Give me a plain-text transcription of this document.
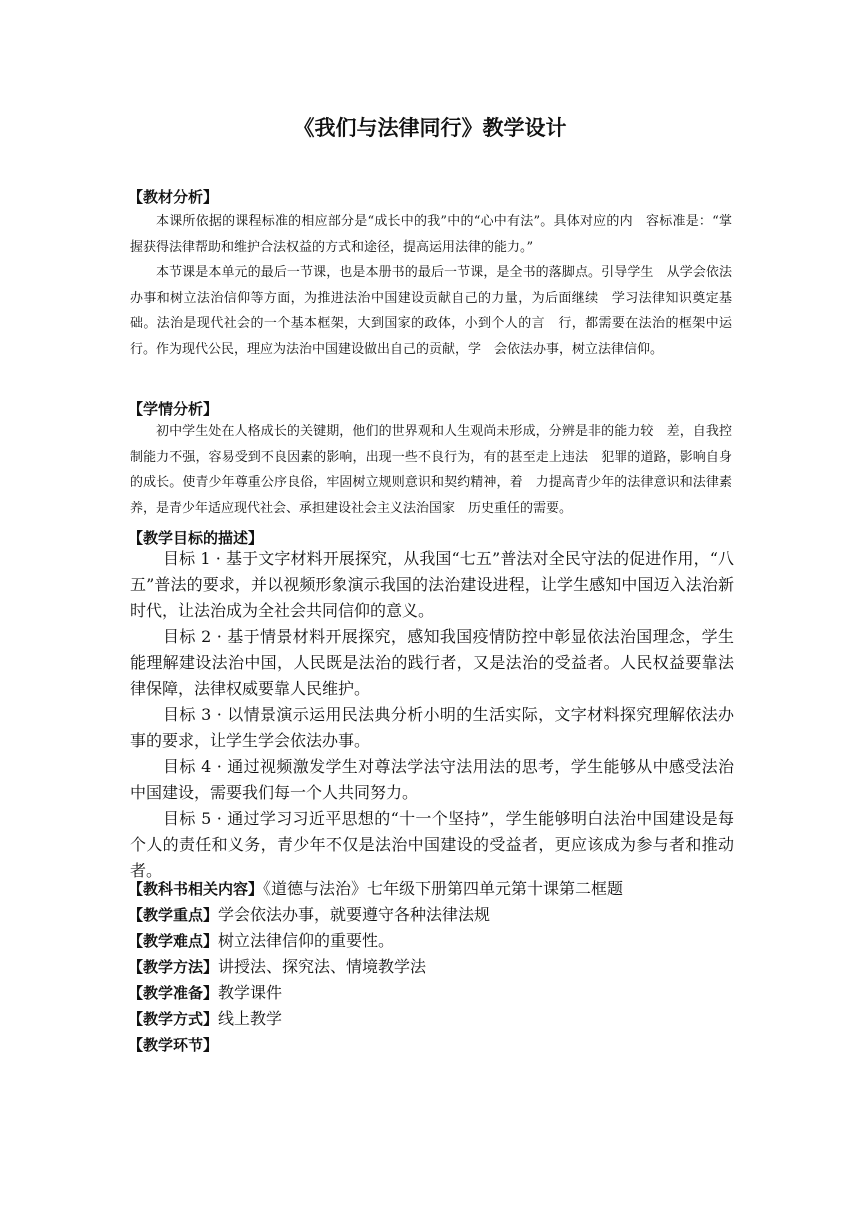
《我们与法律同行》教学设计
【教材分析】

本课所依据的课程标准的相应部分是“成长中的我”中的“心中有法”。具体对应的内　容标准是：“掌握获得法律帮助和维护合法权益的方式和途径，提高运用法律的能力。”

本节课是本单元的最后一节课，也是本册书的最后一节课，是全书的落脚点。引导学生　从学会依法办事和树立法治信仰等方面，为推进法治中国建设贡献自己的力量，为后面继续　学习法律知识奠定基础。法治是现代社会的一个基本框架，大到国家的政体，小到个人的言　行，都需要在法治的框架中运行。作为现代公民，理应为法治中国建设做出自己的贡献，学　会依法办事，树立法律信仰。

【学情分析】

初中学生处在人格成长的关键期，他们的世界观和人生观尚未形成，分辨是非的能力较　差，自我控制能力不强，容易受到不良因素的影响，出现一些不良行为，有的甚至走上违法　犯罪的道路，影响自身的成长。使青少年尊重公序良俗，牢固树立规则意识和契约精神，着　力提高青少年的法律意识和法律素养，是青少年适应现代社会、承担建设社会主义法治国家　历史重任的需要。

【教学目标的描述】

目标 1 · 基于文字材料开展探究，从我国“七五”普法对全民守法的促进作用，“八五”普法的要求，并以视频形象演示我国的法治建设进程，让学生感知中国迈入法治新时代，让法治成为全社会共同信仰的意义。

目标 2 · 基于情景材料开展探究，感知我国疫情防控中彰显依法治国理念，学生能理解建设法治中国，人民既是法治的践行者，又是法治的受益者。人民权益要靠法律保障，法律权威要靠人民维护。

目标 3 · 以情景演示运用民法典分析小明的生活实际，文字材料探究理解依法办事的要求，让学生学会依法办事。

目标 4 · 通过视频激发学生对尊法学法守法用法的思考，学生能够从中感受法治中国建设，需要我们每一个人共同努力。

目标 5 · 通过学习习近平思想的“十一个坚持”，学生能够明白法治中国建设是每个人的责任和义务，青少年不仅是法治中国建设的受益者，更应该成为参与者和推动者。

【教科书相关内容】《道德与法治》七年级下册第四单元第十课第二框题
【教学重点】学会依法办事，就要遵守各种法律法规
【教学难点】树立法律信仰的重要性。
【教学方法】讲授法、探究法、情境教学法
【教学准备】教学课件
【教学方式】线上教学
【教学环节】
